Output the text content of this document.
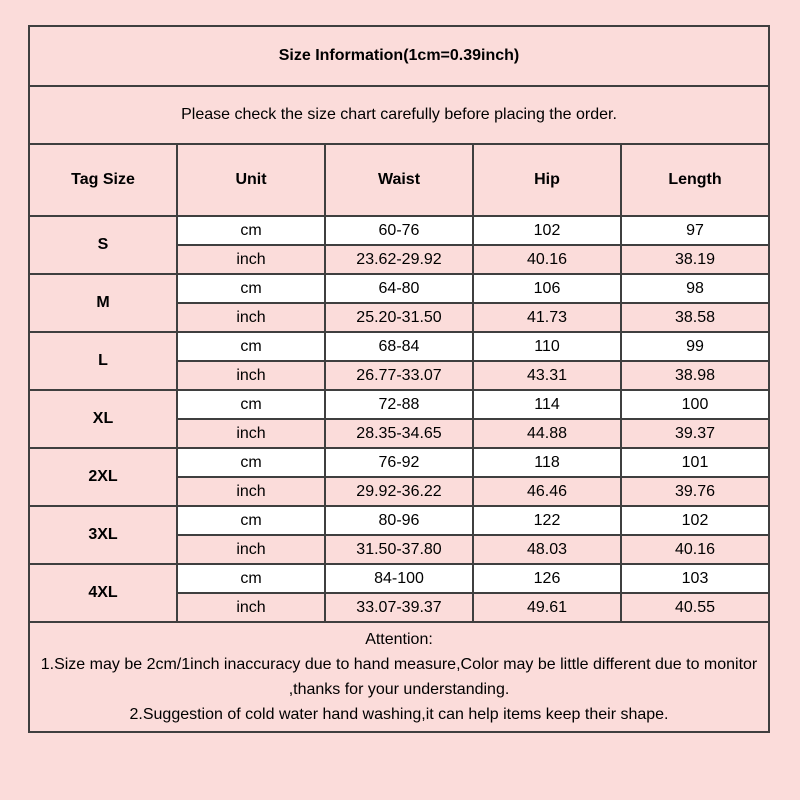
Size Information(1cm=0.39inch)				
Please check the size chart carefully before placing the order.				
Tag Size	Unit	Waist	Hip	Length
S	cm	60-76	102	97
	inch	23.62-29.92	40.16	38.19
M	cm	64-80	106	98
	inch	25.20-31.50	41.73	38.58
L	cm	68-84	110	99
	inch	26.77-33.07	43.31	38.98
XL	cm	72-88	114	100
	inch	28.35-34.65	44.88	39.37
2XL	cm	76-92	118	101
	inch	29.92-36.22	46.46	39.76
3XL	cm	80-96	122	102
	inch	31.50-37.80	48.03	40.16
4XL	cm	84-100	126	103
	inch	33.07-39.37	49.61	40.55

Attention:
1.Size may be 2cm/1inch inaccuracy due to hand measure,Color may be little different due to monitor
,thanks for your understanding.
2.Suggestion of cold water hand washing,it can help items keep their shape.				
